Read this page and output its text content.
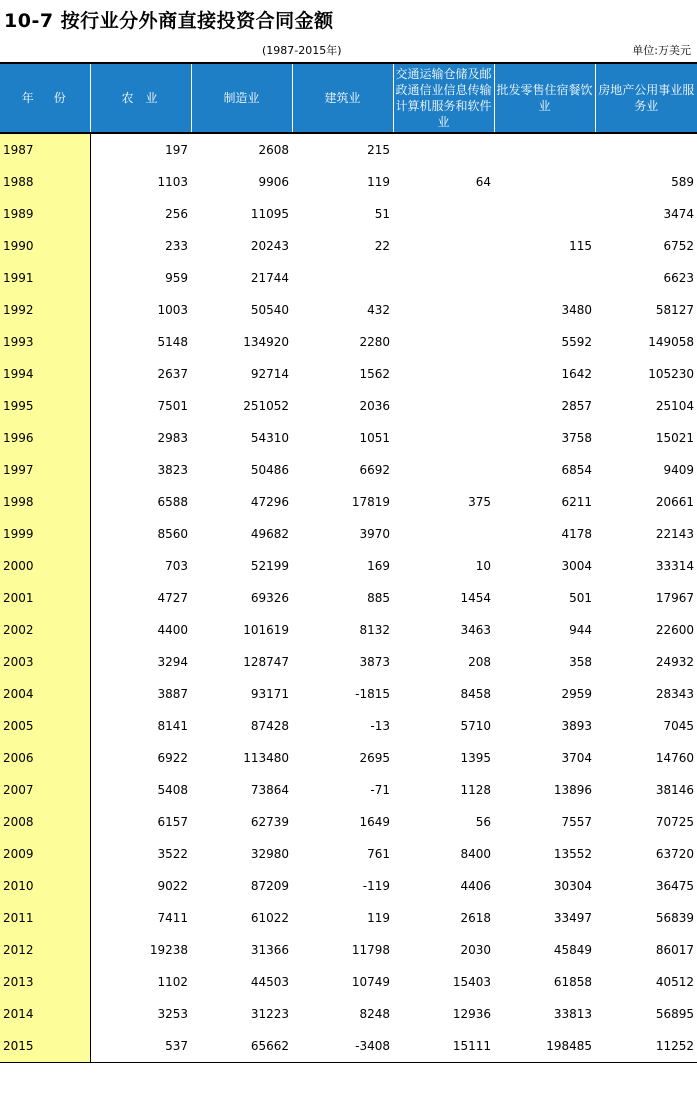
10-7 按行业分外商直接投资合同金额
(1987-2015年)	单位:万美元
年份	农业	制造业	建筑业	交通运输仓储及邮政通信业信息传输计算机服务和软件业	批发零售住宿餐饮业	房地产公用事业服务业
1987	197	2608	215			
1988	1103	9906	119	64		589
1989	256	11095	51			3474
1990	233	20243	22		115	6752
1991	959	21744				6623
1992	1003	50540	432		3480	58127
1993	5148	134920	2280		5592	149058
1994	2637	92714	1562		1642	105230
1995	7501	251052	2036		2857	25104
1996	2983	54310	1051		3758	15021
1997	3823	50486	6692		6854	9409
1998	6588	47296	17819	375	6211	20661
1999	8560	49682	3970		4178	22143
2000	703	52199	169	10	3004	33314
2001	4727	69326	885	1454	501	17967
2002	4400	101619	8132	3463	944	22600
2003	3294	128747	3873	208	358	24932
2004	3887	93171	-1815	8458	2959	28343
2005	8141	87428	-13	5710	3893	7045
2006	6922	113480	2695	1395	3704	14760
2007	5408	73864	-71	1128	13896	38146
2008	6157	62739	1649	56	7557	70725
2009	3522	32980	761	8400	13552	63720
2010	9022	87209	-119	4406	30304	36475
2011	7411	61022	119	2618	33497	56839
2012	19238	31366	11798	2030	45849	86017
2013	1102	44503	10749	15403	61858	40512
2014	3253	31223	8248	12936	33813	56895
2015	537	65662	-3408	15111	198485	11252
